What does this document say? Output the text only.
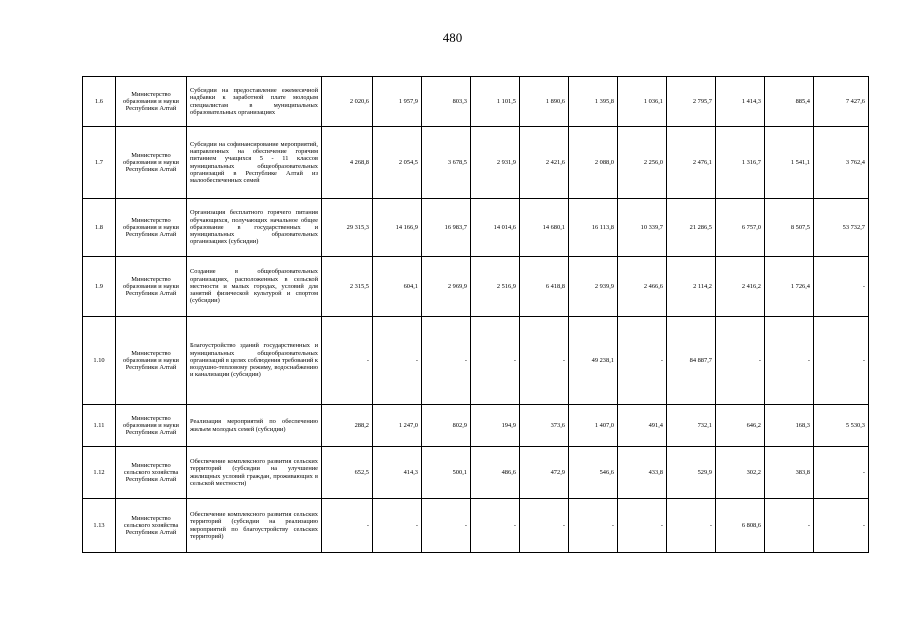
480
1.6	Министерство образования и науки Республики Алтай	Субсидии на предоставление ежемесячной надбавки к заработной плате молодым специалистам в муниципальных образовательных организациях	2 020,6	1 957,9	803,3	1 101,5	1 890,6	1 395,8	1 036,1	2 795,7	1 414,3	885,4	7 427,6
1.7	Министерство образования и науки Республики Алтай	Субсидии на софинансирование мероприятий, направленных на обеспечение горячим питанием учащихся 5 - 11 классов муниципальных общеобразовательных организаций в Республике Алтай из малообеспеченных семей	4 268,8	2 054,5	3 678,5	2 931,9	2 421,6	2 088,0	2 256,0	2 476,1	1 316,7	1 541,1	3 762,4
1.8	Министерство образования и науки Республики Алтай	Организация бесплатного горячего питания обучающихся, получающих начальное общее образование в государственных и муниципальных образовательных организациях (субсидии)	29 315,3	14 166,9	16 983,7	14 014,6	14 680,1	16 113,8	10 339,7	21 286,5	6 757,0	8 507,5	53 732,7
1.9	Министерство образования и науки Республики Алтай	Создание в общеобразовательных организациях, расположенных в сельской местности и малых городах, условий для занятий физической культурой и спортом (субсидии)	2 315,5	604,1	2 969,9	2 516,9	6 418,8	2 939,9	2 466,6	2 114,2	2 416,2	1 726,4	-
1.10	Министерство образования и науки Республики Алтай	Благоустройство зданий государственных и муниципальных общеобразовательных организаций в целях соблюдения требований к воздушно-тепловому режиму, водоснабжению и канализации (субсидии)	-	-	-	-	-	49 238,1	-	84 887,7	-	-	-
1.11	Министерство образования и науки Республики Алтай	Реализация мероприятий по обеспечению жильем молодых семей (субсидии)	288,2	1 247,0	802,9	194,9	373,6	1 407,0	491,4	732,1	646,2	168,3	5 530,3
1.12	Министерство сельского хозяйства Республики Алтай	Обеспечение комплексного развития сельских территорий (субсидии на улучшение жилищных условий граждан, проживающих в сельской местности)	652,5	414,3	500,1	486,6	472,9	546,6	433,8	529,9	302,2	383,8	-
1.13	Министерство сельского хозяйства Республики Алтай	Обеспечение комплексного развития сельских территорий (субсидии на реализацию мероприятий по благоустройству сельских территорий)	-	-	-	-	-	-	-	-	6 808,6	-	-
